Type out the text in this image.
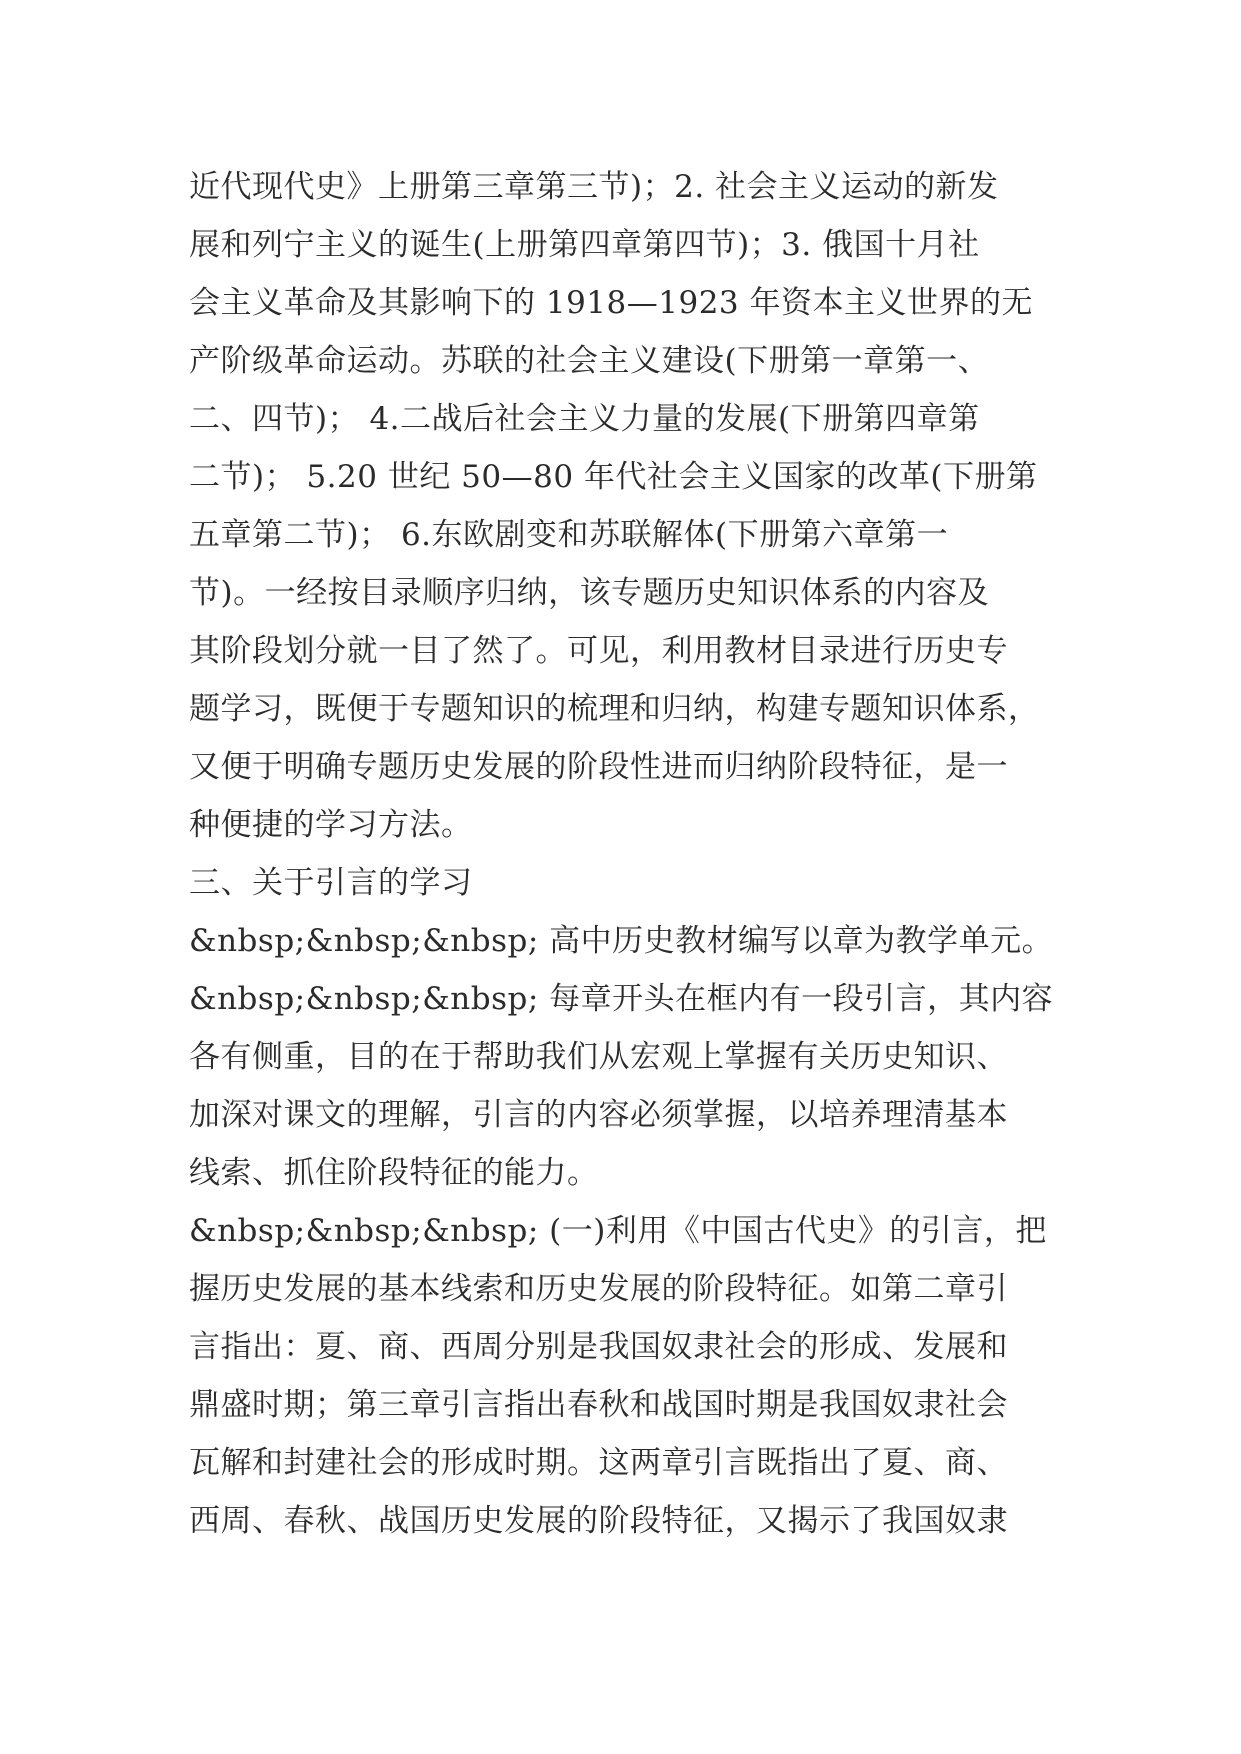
近代现代史》上册第三章第三节)；2. 社会主义运动的新发
展和列宁主义的诞生(上册第四章第四节)；3. 俄国十月社
会主义革命及其影响下的 1918—1923 年资本主义世界的无
产阶级革命运动。苏联的社会主义建设(下册第一章第一、
二、四节)； 4.二战后社会主义力量的发展(下册第四章第
二节)； 5.20 世纪 50—80 年代社会主义国家的改革(下册第
五章第二节)； 6.东欧剧变和苏联解体(下册第六章第一
节)。一经按目录顺序归纳，该专题历史知识体系的内容及
其阶段划分就一目了然了。可见，利用教材目录进行历史专
题学习，既便于专题知识的梳理和归纳，构建专题知识体系，
又便于明确专题历史发展的阶段性进而归纳阶段特征，是一
种便捷的学习方法。
三、关于引言的学习
&nbsp;&nbsp;&nbsp; 高中历史教材编写以章为教学单元。
&nbsp;&nbsp;&nbsp; 每章开头在框内有一段引言，其内容
各有侧重，目的在于帮助我们从宏观上掌握有关历史知识、
加深对课文的理解，引言的内容必须掌握，以培养理清基本
线索、抓住阶段特征的能力。
&nbsp;&nbsp;&nbsp; (一)利用《中国古代史》的引言，把
握历史发展的基本线索和历史发展的阶段特征。如第二章引
言指出：夏、商、西周分别是我国奴隶社会的形成、发展和
鼎盛时期；第三章引言指出春秋和战国时期是我国奴隶社会
瓦解和封建社会的形成时期。这两章引言既指出了夏、商、
西周、春秋、战国历史发展的阶段特征，又揭示了我国奴隶
